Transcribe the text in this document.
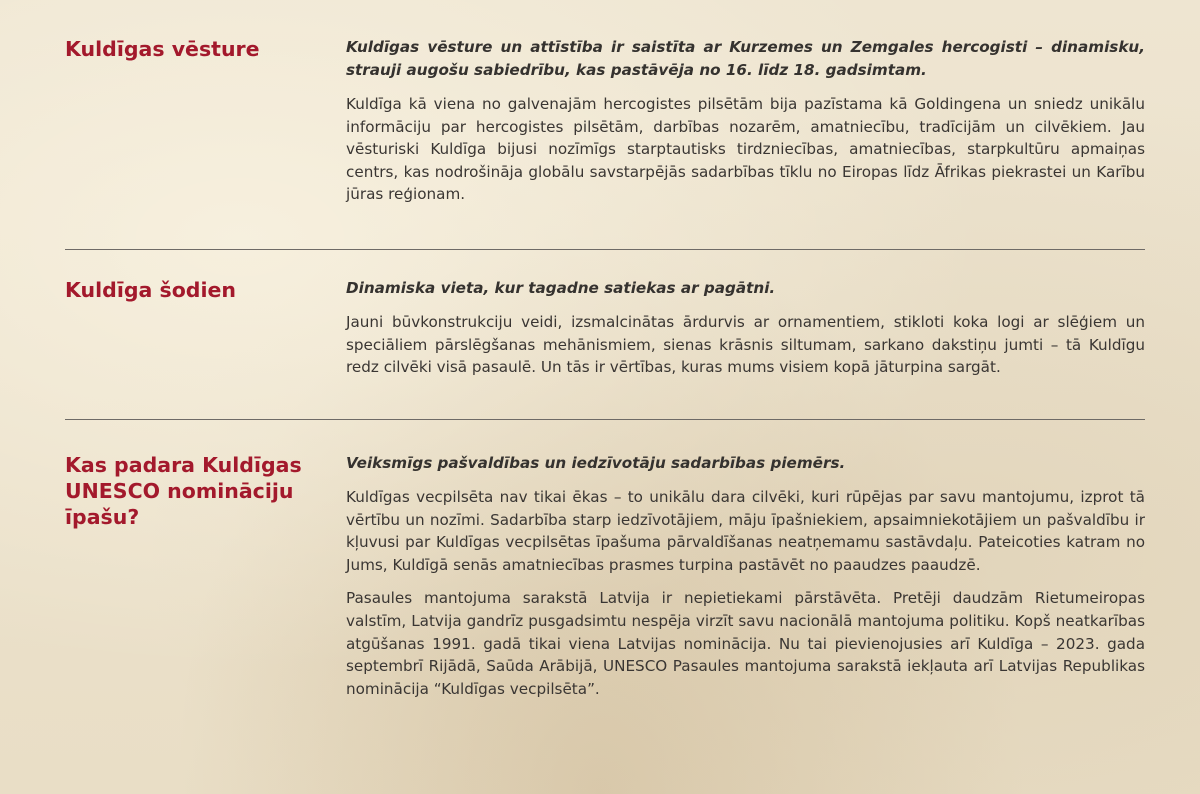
Kuldīgas vēsture	Kuldīgas vēsture un attīstība ir saistīta ar Kurzemes un Zemgales hercogisti – dinamisku, strauji augošu sabiedrību, kas pastāvēja no 16. līdz 18. gadsimtam.

Kuldīga kā viena no galvenajām hercogistes pilsētām bija pazīstama kā Goldingena un sniedz unikālu informāciju par hercogistes pilsētām, darbības nozarēm, amatniecību, tradīcijām un cilvēkiem. Jau vēsturiski Kuldīga bijusi nozīmīgs starptautisks tirdzniecības, amatniecības, starpkultūru apmaiņas centrs, kas nodrošināja globālu savstarpējās sadarbības tīklu no Eiropas līdz Āfrikas piekrastei un Karību jūras reģionam.

Kuldīga šodien	Dinamiska vieta, kur tagadne satiekas ar pagātni.

Jauni būvkonstrukciju veidi, izsmalcinātas ārdurvis ar ornamentiem, stikloti koka logi ar slēģiem un speciāliem pārslēgšanas mehānismiem, sienas krāsnis siltumam, sarkano dakstiņu jumti – tā Kuldīgu redz cilvēki visā pasaulē. Un tās ir vērtības, kuras mums visiem kopā jāturpina sargāt.

Kas padara Kuldīgas UNESCO nomināciju īpašu?

Veiksmīgs pašvaldības un iedzīvotāju sadarbības piemērs.

Kuldīgas vecpilsēta nav tikai ēkas – to unikālu dara cilvēki, kuri rūpējas par savu mantojumu, izprot tā vērtību un nozīmi. Sadarbība starp iedzīvotājiem, māju īpašniekiem, apsaimniekotājiem un pašvaldību ir kļuvusi par Kuldīgas vecpilsētas īpašuma pārvaldīšanas neatņemamu sastāvdaļu. Pateicoties katram no Jums, Kuldīgā senās amatniecības prasmes turpina pastāvēt no paaudzes paaudzē.

Pasaules mantojuma sarakstā Latvija ir nepietiekami pārstāvēta. Pretēji daudzām Rietumeiropas valstīm, Latvija gandrīz pusgadsimtu nespēja virzīt savu nacionālā mantojuma politiku. Kopš neatkarības atgūšanas 1991. gadā tikai viena Latvijas nominācija. Nu tai pievienojusies arī Kuldīga – 2023. gada septembrī Rijādā, Saūda Arābijā, UNESCO Pasaules mantojuma sarakstā iekļauta arī Latvijas Republikas nominācija “Kuldīgas vecpilsēta”.
